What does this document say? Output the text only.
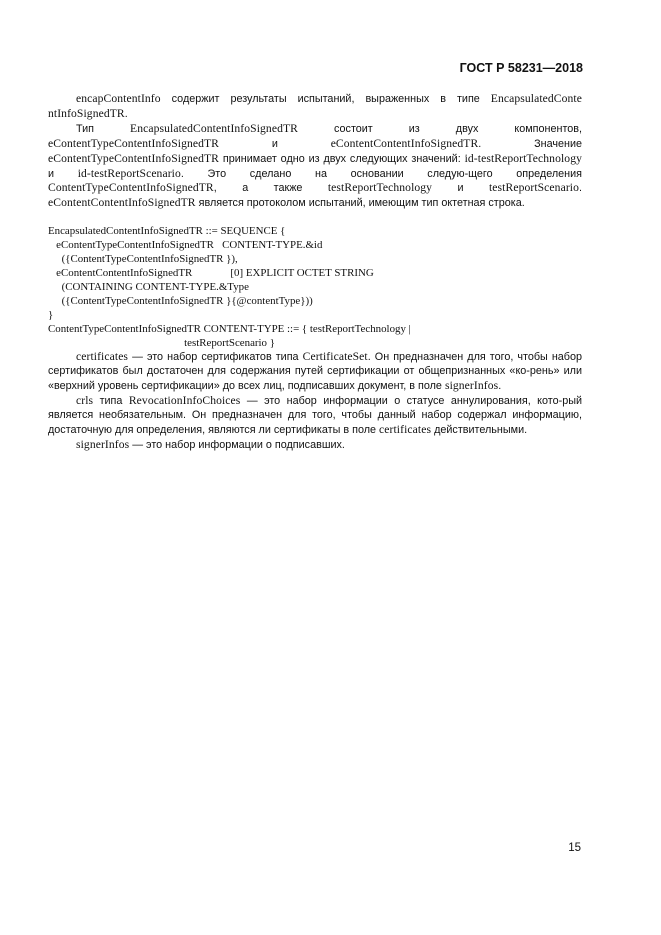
ГОСТ Р 58231—2018

encapContentInfo содержит результаты испытаний, выраженных в типе EncapsulatedConte ntInfoSignedTR.

Тип EncapsulatedContentInfoSignedTR состоит из двух компонентов, eContentTypeContentInfoSignedTR и eContentContentInfoSignedTR. Значение eContentTypeContentInfoSignedTR принимает одно из двух следующих значений: id-testReportTechnology и id-testReportScenario. Это сделано на основании следую-щего определения ContentTypeContentInfoSignedTR, а также testReportTechnology и testReportScenario. eContentContentInfoSignedTR является протоколом испытаний, имеющим тип октетная строка.

EncapsulatedContentInfoSignedTR ::= SEQUENCE {
eContentTypeContentInfoSignedTR   CONTENT-TYPE.&id
({ContentTypeContentInfoSignedTR }),
eContentContentInfoSignedTR              [0] EXPLICIT OCTET STRING
(CONTAINING CONTENT-TYPE.&Type
({ContentTypeContentInfoSignedTR }{@contentType}))
}
ContentTypeContentInfoSignedTR CONTENT-TYPE ::= { testReportTechnology |
testReportScenario }

certificates — это набор сертификатов типа CertificateSet. Он предназначен для того, чтобы набор сертификатов был достаточен для содержания путей сертификации от общепризнанных «ко-рень» или «верхний уровень сертификации» до всех лиц, подписавших документ, в поле signerInfos.

crls типа RevocationInfoChoices — это набор информации о статусе аннулирования, кото-рый является необязательным. Он предназначен для того, чтобы данный набор содержал информацию, достаточную для определения, являются ли сертификаты в поле certificates действительными.

signerInfos — это набор информации о подписавших.

15
